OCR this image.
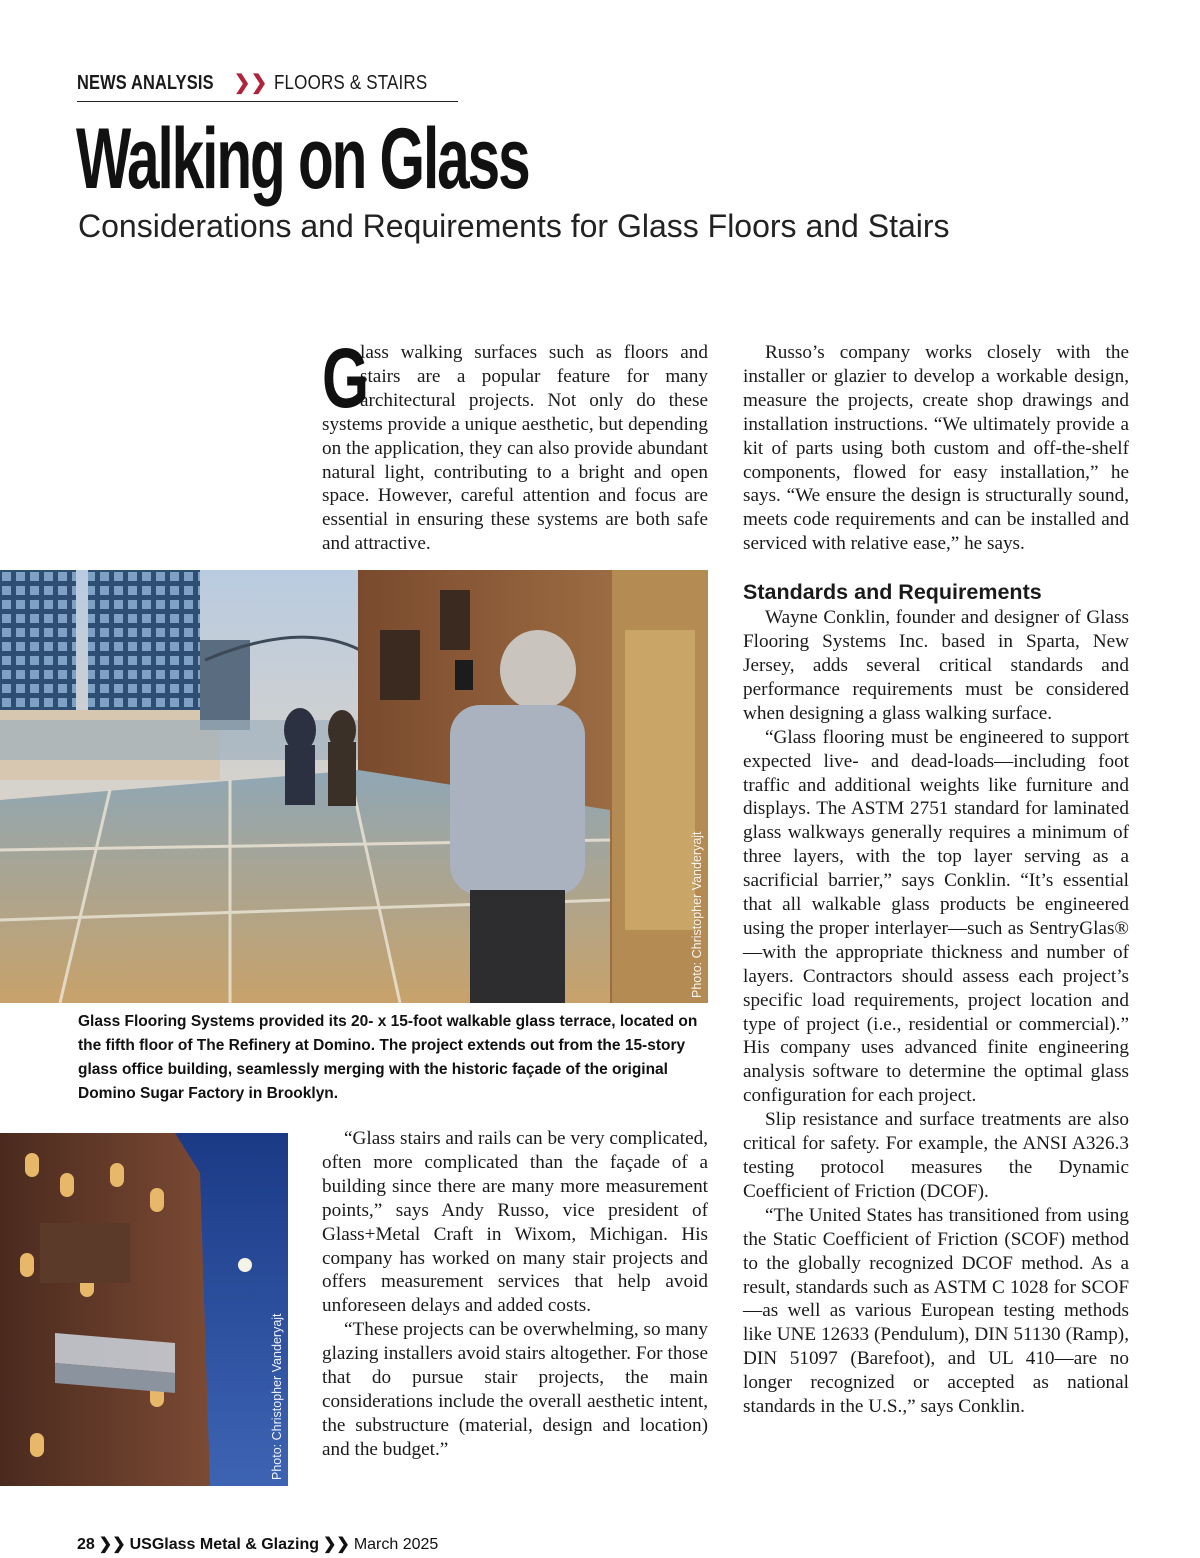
NEWS ANALYSIS ❯❯ FLOORS & STAIRS
Walking on Glass
Considerations and Requirements for Glass Floors and Stairs

G
lass walking surfaces such as floors and stairs are a popular feature for many architectural projects. Not only do these systems provide a unique aesthetic, but depending on the application, they can also provide abundant natural light, contributing to a bright and open space. However, careful attention and focus are essential in ensuring these systems are both safe and attractive.

Photo: Christopher Vanderyajt
Glass Flooring Systems provided its 20- x 15-foot walkable glass terrace, located on the fifth floor of The Refinery at Domino. The project extends out from the 15-story glass office building, seamlessly merging with the historic façade of the original Domino Sugar Factory in Brooklyn.
Photo: Christopher Vanderyajt

“Glass stairs and rails can be very complicated, often more complicated than the façade of a building since there are many more measurement points,” says Andy Russo, vice president of Glass+Metal Craft in Wixom, Michigan. His company has worked on many stair projects and offers measurement services that help avoid unforeseen delays and added costs.

“These projects can be overwhelming, so many glazing installers avoid stairs altogether. For those that do pursue stair projects, the main considerations include the overall aesthetic intent, the substructure (material, design and location) and the budget.”

Russo’s company works closely with the installer or glazier to develop a workable design, measure the projects, create shop drawings and installation instructions. “We ultimately provide a kit of parts using both custom and off-the-shelf components, flowed for easy installation,” he says. “We ensure the design is structurally sound, meets code requirements and can be installed and serviced with relative ease,” he says.

Standards and Requirements

Wayne Conklin, founder and designer of Glass Flooring Systems Inc. based in Sparta, New Jersey, adds several critical standards and performance requirements must be considered when designing a glass walking surface.

“Glass flooring must be engineered to support expected live- and dead-loads—including foot traffic and additional weights like furniture and displays. The ASTM 2751 standard for laminated glass walkways generally requires a minimum of three layers, with the top layer serving as a sacrificial barrier,” says Conklin. “It’s essential that all walkable glass products be engineered using the proper interlayer—such as SentryGlas®—with the appropriate thickness and number of layers. Contractors should assess each project’s specific load requirements, project location and type of project (i.e., residential or commercial).” His company uses advanced finite engineering analysis software to determine the optimal glass configuration for each project.

Slip resistance and surface treatments are also critical for safety. For example, the ANSI A326.3 testing protocol measures the Dynamic Coefficient of Friction (DCOF).

“The United States has transitioned from using the Static Coefficient of Friction (SCOF) method to the globally recognized DCOF method. As a result, standards such as ASTM C 1028 for SCOF—as well as various European testing methods like UNE 12633 (Pendulum), DIN 51130 (Ramp), DIN 51097 (Barefoot), and UL 410—are no longer recognized or accepted as national standards in the U.S.,” says Conklin.

28 ❯❯ USGlass Metal & Glazing ❯❯ March 2025
